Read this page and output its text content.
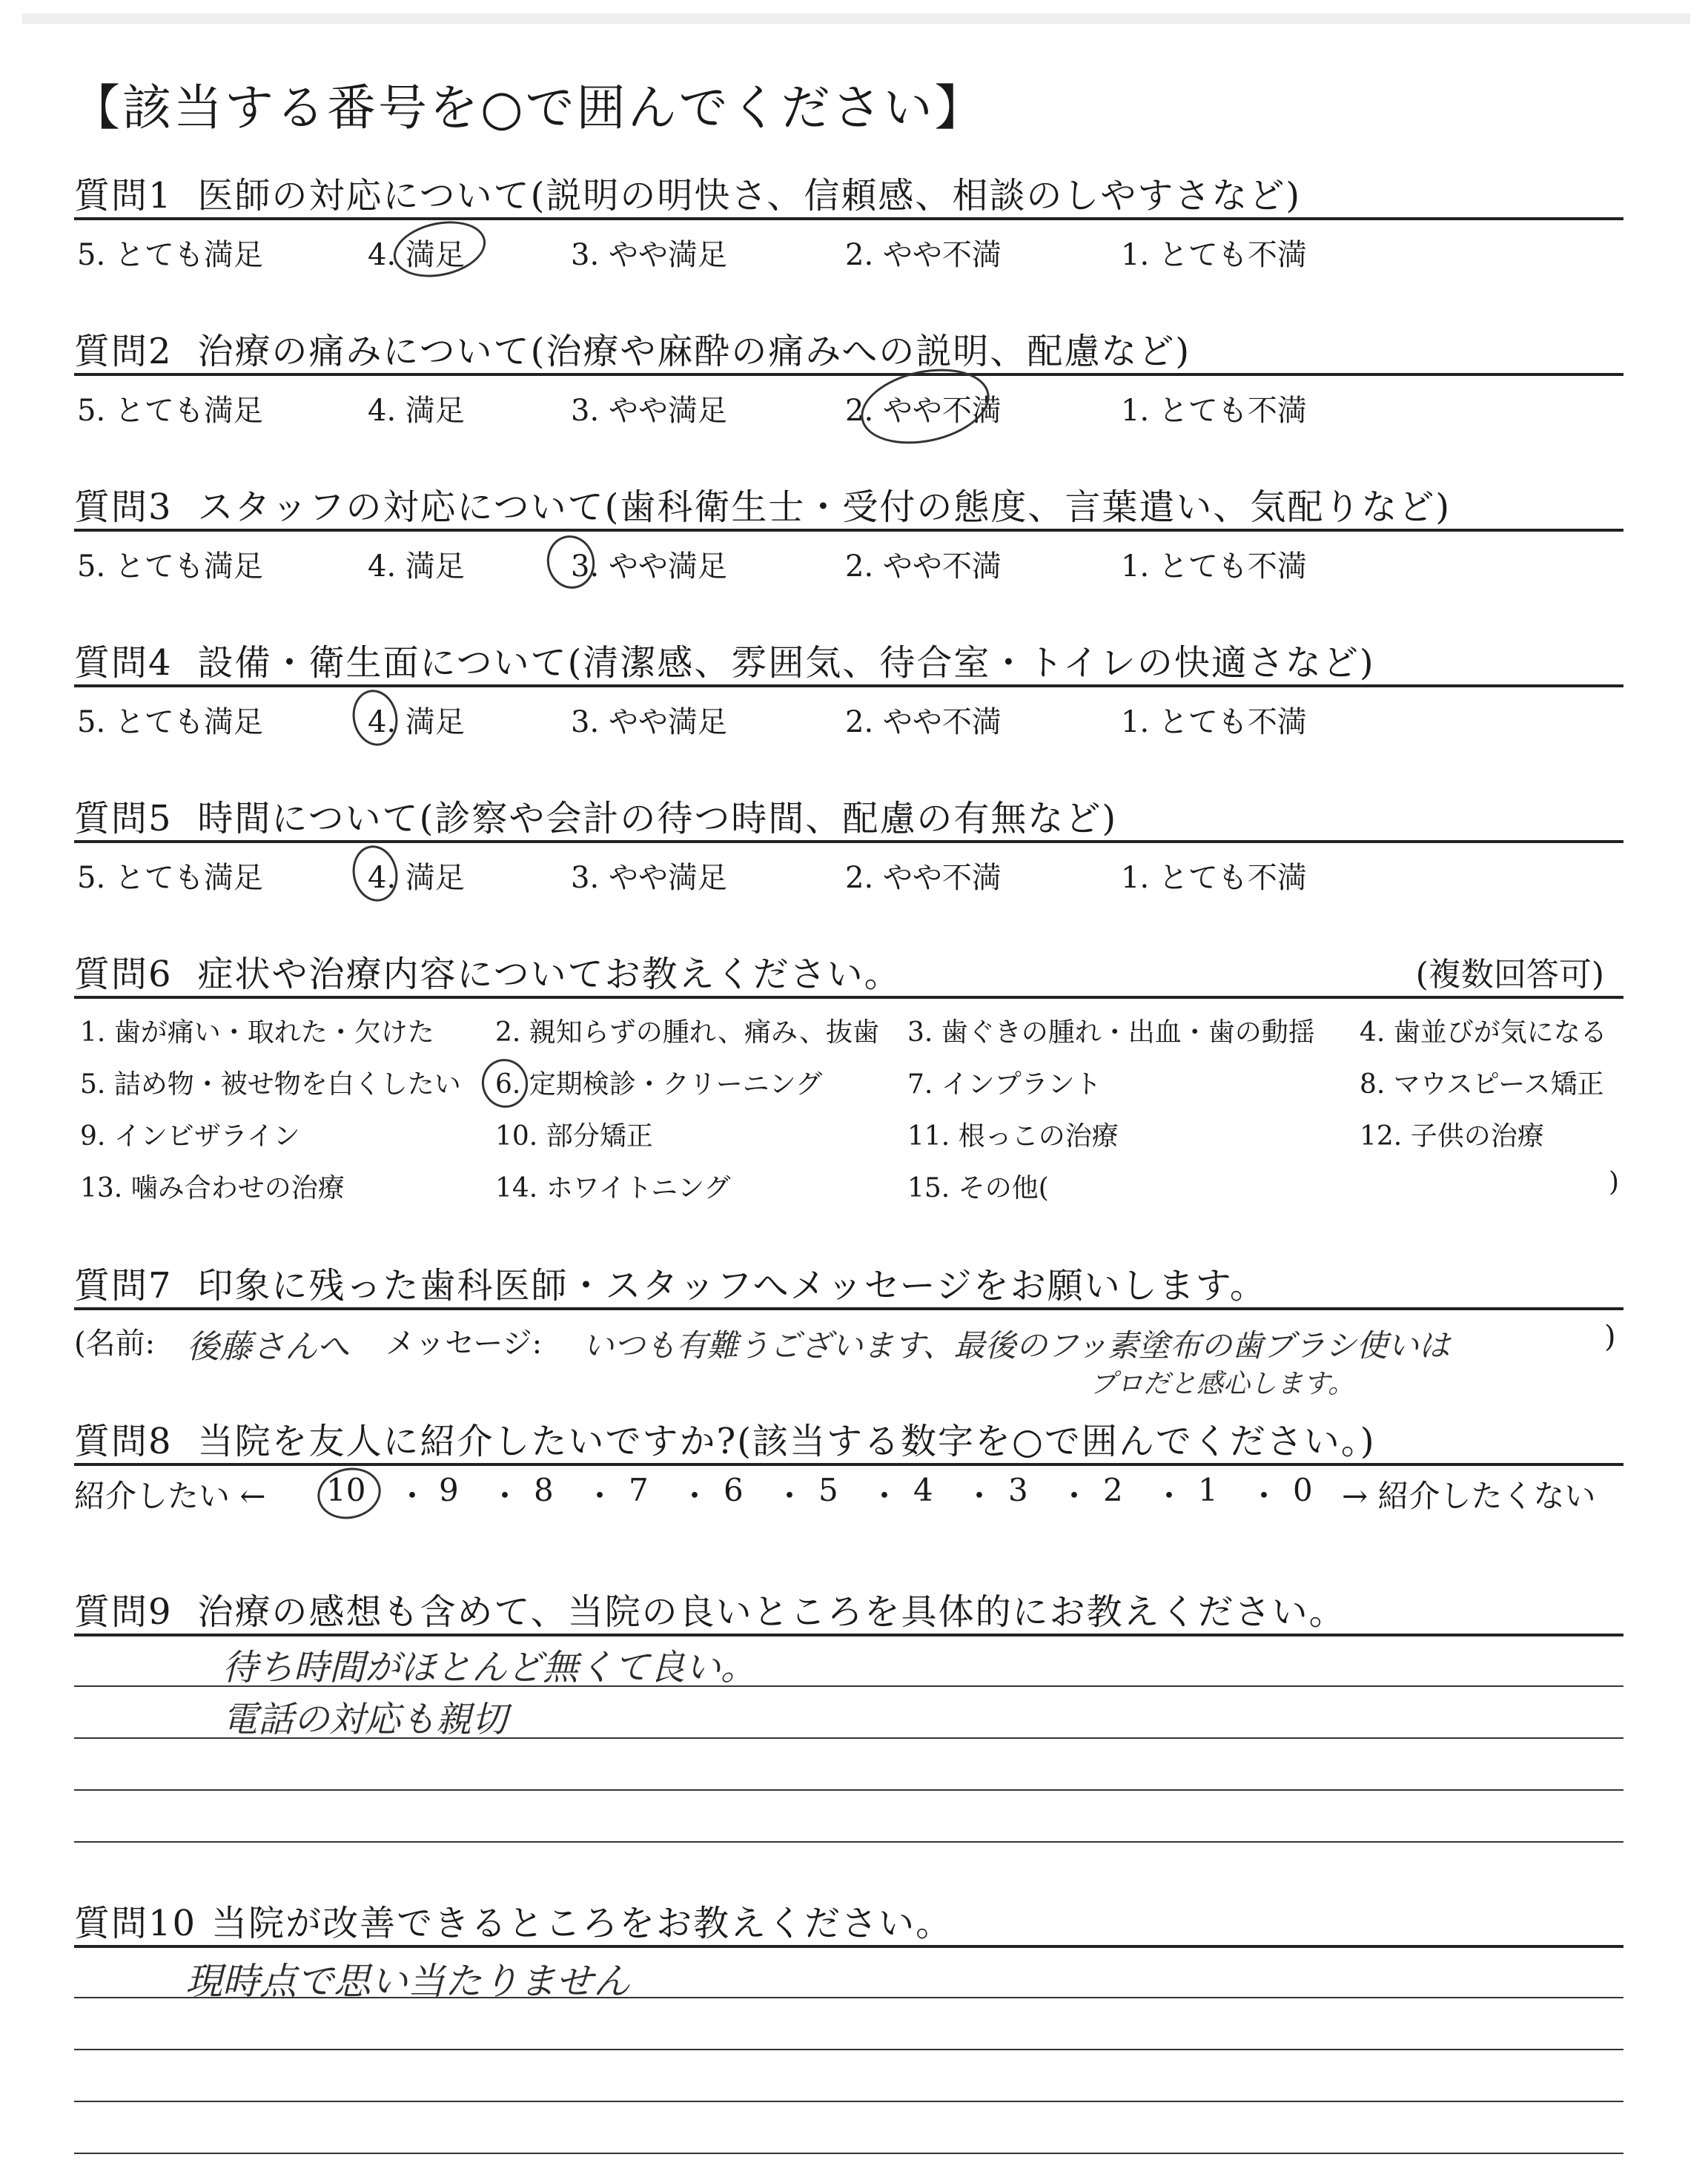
【該当する番号を○で囲んでください】
質問1 医師の対応について(説明の明快さ、信頼感、相談のしやすさなど)
5. とても満足	4. 満足	3. やや満足	2. やや不満	1. とても不満
質問2 治療の痛みについて(治療や麻酔の痛みへの説明、配慮など)
5. とても満足	4. 満足	3. やや満足	2. やや不満	1. とても不満
質問3 スタッフの対応について(歯科衛生士・受付の態度、言葉遣い、気配りなど)
5. とても満足	4. 満足	3. やや満足	2. やや不満	1. とても不満
質問4 設備・衛生面について(清潔感、雰囲気、待合室・トイレの快適さなど)
5. とても満足	4. 満足	3. やや満足	2. やや不満	1. とても不満
質問5 時間について(診察や会計の待つ時間、配慮の有無など)
5. とても満足	4. 満足	3. やや満足	2. やや不満	1. とても不満
質問6 症状や治療内容についてお教えください。	(複数回答可)
1. 歯が痛い・取れた・欠けた 2. 親知らずの腫れ、痛み、抜歯 3. 歯ぐきの腫れ・出血・歯の動揺 4. 歯並びが気になる
5. 詰め物・被せ物を白くしたい 6. 定期検診・クリーニング	7. インプラント	8. マウスピース矯正
9. インビザライン	10. 部分矯正	11. 根っこの治療	12. 子供の治療
13. 噛み合わせの治療	14. ホワイトニング	15. その他(	)
質問7 印象に残った歯科医師・スタッフへメッセージをお願いします。
(名前: 後藤さんへ メッセージ: いつも有難うございます、最後のフッ素塗布の歯ブラシ使いは
プロだと感心します。
)
質問8 当院を友人に紹介したいですか?(該当する数字を○で囲んでください。)
紹介したい ← 10 ・ 9 ・ 8 ・ 7 ・ 6 ・ 5 ・ 4 ・ 3 ・ 2 ・ 1 ・ 0 → 紹介したくない
質問9 治療の感想も含めて、当院の良いところを具体的にお教えください。
待ち時間がほとんど無くて良い。
電話の対応も親切
質問10 当院が改善できるところをお教えください。
現時点で思い当たりません
